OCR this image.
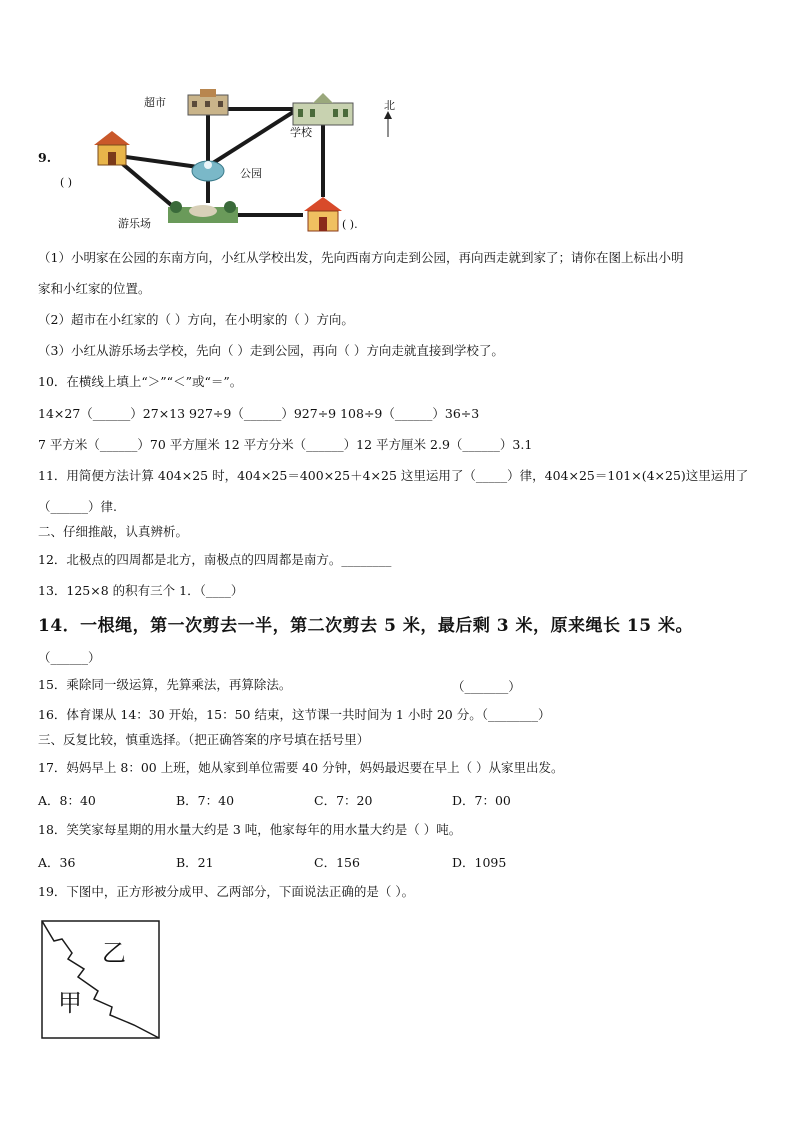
9.
超市
学校
公园
游乐场
北
( )
( ).
（1）小明家在公园的东南方向，小红从学校出发，先向西南方向走到公园，再向西走就到家了；请你在图上标出小明
家和小红家的位置。
（2）超市在小红家的（ ）方向，在小明家的（ ）方向。
（3）小红从游乐场去学校，先向（ ）走到公园，再向（ ）方向走就直接到学校了。
10．在横线上填上“＞”“＜”或“＝”。
14×27（______）27×13 927÷9（______）927÷9 108÷9（______）36÷3
7 平方米（______）70 平方厘米 12 平方分米（______）12 平方厘米 2.9（______）3.1
11．用简便方法计算 404×25 时，404×25＝400×25＋4×25 这里运用了（_____）律，404×25＝101×(4×25)这里运用了
（______）律.
二、仔细推敲，认真辨析。
12．北极点的四周都是北方，南极点的四周都是南方。________
13．125×8 的积有三个 1．（____）
14．一根绳，第一次剪去一半，第二次剪去 5 米，最后剩 3 米，原来绳长 15 米。
（______）
15．乘除同一级运算，先算乘法，再算除法。	（_______）
16．体育课从 14：30 开始，15：50 结束，这节课一共时间为 1 小时 20 分。（________）
三、反复比较，慎重选择。（把正确答案的序号填在括号里）
17．妈妈早上 8：00 上班，她从家到单位需要 40 分钟，妈妈最迟要在早上（ ）从家里出发。
A．8：40	B．7：40	C．7：20	D．7：00
18．笑笑家每星期的用水量大约是 3 吨，他家每年的用水量大约是（ ）吨。
A．36	B．21	C．156	D．1095
19．下图中，正方形被分成甲、乙两部分，下面说法正确的是（ ）。
乙
甲
